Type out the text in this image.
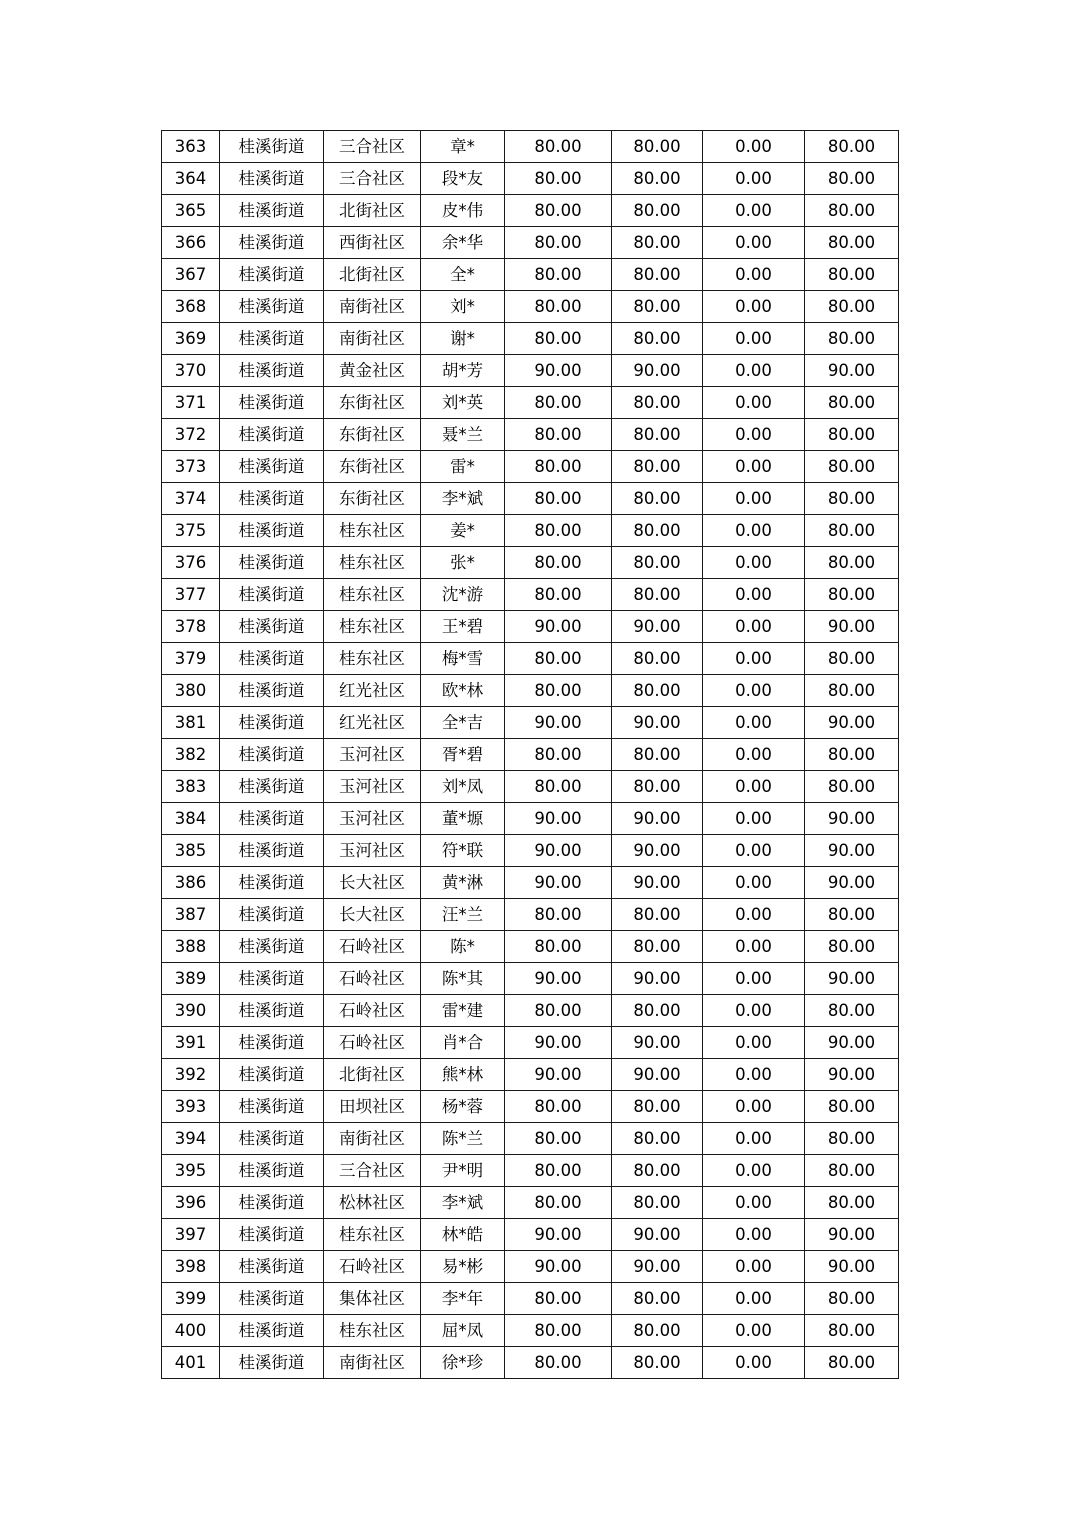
363	桂溪街道	三合社区	章*	80.00	80.00	0.00	80.00
364	桂溪街道	三合社区	段*友	80.00	80.00	0.00	80.00
365	桂溪街道	北街社区	皮*伟	80.00	80.00	0.00	80.00
366	桂溪街道	西街社区	余*华	80.00	80.00	0.00	80.00
367	桂溪街道	北街社区	全*	80.00	80.00	0.00	80.00
368	桂溪街道	南街社区	刘*	80.00	80.00	0.00	80.00
369	桂溪街道	南街社区	谢*	80.00	80.00	0.00	80.00
370	桂溪街道	黄金社区	胡*芳	90.00	90.00	0.00	90.00
371	桂溪街道	东街社区	刘*英	80.00	80.00	0.00	80.00
372	桂溪街道	东街社区	聂*兰	80.00	80.00	0.00	80.00
373	桂溪街道	东街社区	雷*	80.00	80.00	0.00	80.00
374	桂溪街道	东街社区	李*斌	80.00	80.00	0.00	80.00
375	桂溪街道	桂东社区	姜*	80.00	80.00	0.00	80.00
376	桂溪街道	桂东社区	张*	80.00	80.00	0.00	80.00
377	桂溪街道	桂东社区	沈*游	80.00	80.00	0.00	80.00
378	桂溪街道	桂东社区	王*碧	90.00	90.00	0.00	90.00
379	桂溪街道	桂东社区	梅*雪	80.00	80.00	0.00	80.00
380	桂溪街道	红光社区	欧*林	80.00	80.00	0.00	80.00
381	桂溪街道	红光社区	全*吉	90.00	90.00	0.00	90.00
382	桂溪街道	玉河社区	胥*碧	80.00	80.00	0.00	80.00
383	桂溪街道	玉河社区	刘*凤	80.00	80.00	0.00	80.00
384	桂溪街道	玉河社区	董*塬	90.00	90.00	0.00	90.00
385	桂溪街道	玉河社区	符*联	90.00	90.00	0.00	90.00
386	桂溪街道	长大社区	黄*淋	90.00	90.00	0.00	90.00
387	桂溪街道	长大社区	汪*兰	80.00	80.00	0.00	80.00
388	桂溪街道	石岭社区	陈*	80.00	80.00	0.00	80.00
389	桂溪街道	石岭社区	陈*其	90.00	90.00	0.00	90.00
390	桂溪街道	石岭社区	雷*建	80.00	80.00	0.00	80.00
391	桂溪街道	石岭社区	肖*合	90.00	90.00	0.00	90.00
392	桂溪街道	北街社区	熊*林	90.00	90.00	0.00	90.00
393	桂溪街道	田坝社区	杨*蓉	80.00	80.00	0.00	80.00
394	桂溪街道	南街社区	陈*兰	80.00	80.00	0.00	80.00
395	桂溪街道	三合社区	尹*明	80.00	80.00	0.00	80.00
396	桂溪街道	松林社区	李*斌	80.00	80.00	0.00	80.00
397	桂溪街道	桂东社区	林*皓	90.00	90.00	0.00	90.00
398	桂溪街道	石岭社区	易*彬	90.00	90.00	0.00	90.00
399	桂溪街道	集体社区	李*年	80.00	80.00	0.00	80.00
400	桂溪街道	桂东社区	屈*凤	80.00	80.00	0.00	80.00
401	桂溪街道	南街社区	徐*珍	80.00	80.00	0.00	80.00
